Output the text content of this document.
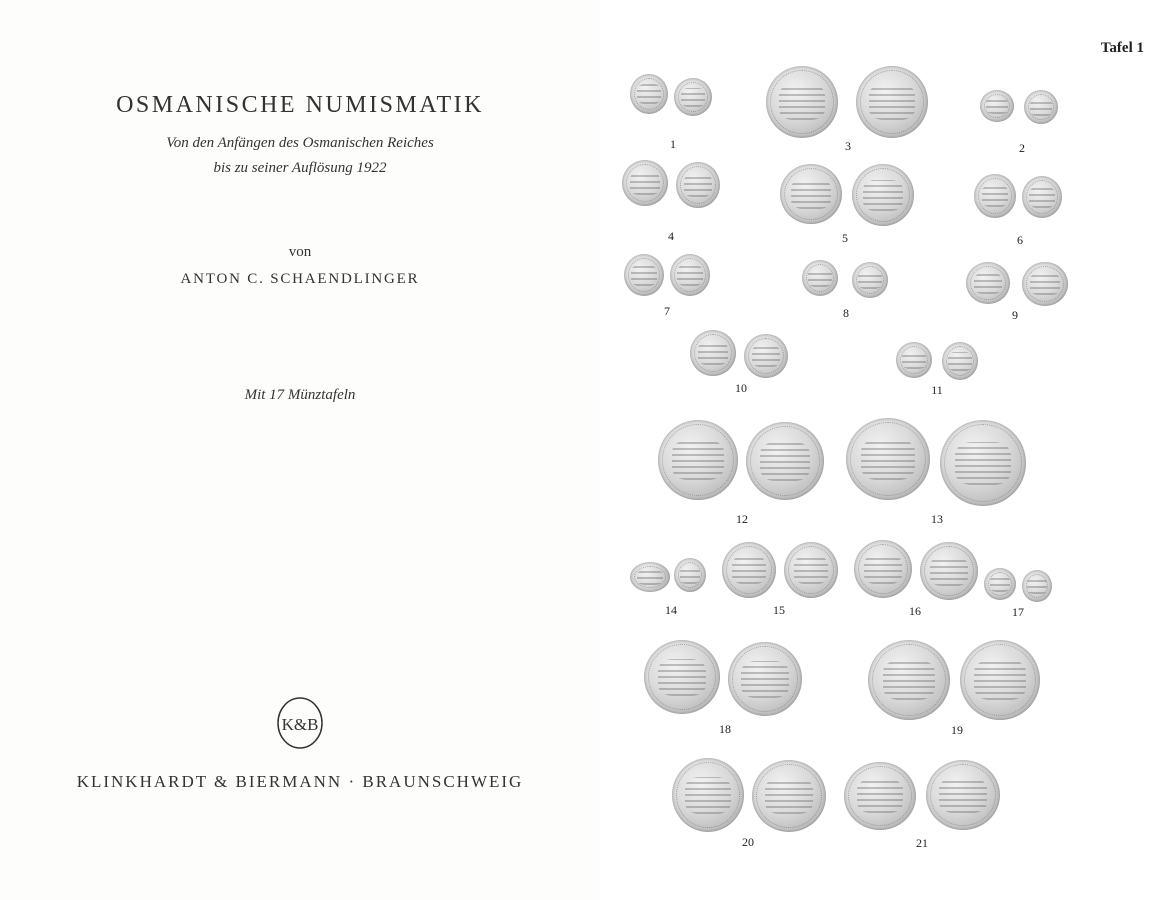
OSMANISCHE NUMISMATIK
Von den Anfängen des Osmanischen Reiches
bis zu seiner Auflösung 1922
von
ANTON C. SCHAENDLINGER
Mit 17 Münztafeln
K&B
KLINKHARDT & BIERMANN · BRAUNSCHWEIG
Tafel 1
1	3	2
4	5	6
7	8	9
10	11
12	13
14	15	16	17
18	19
20	21
